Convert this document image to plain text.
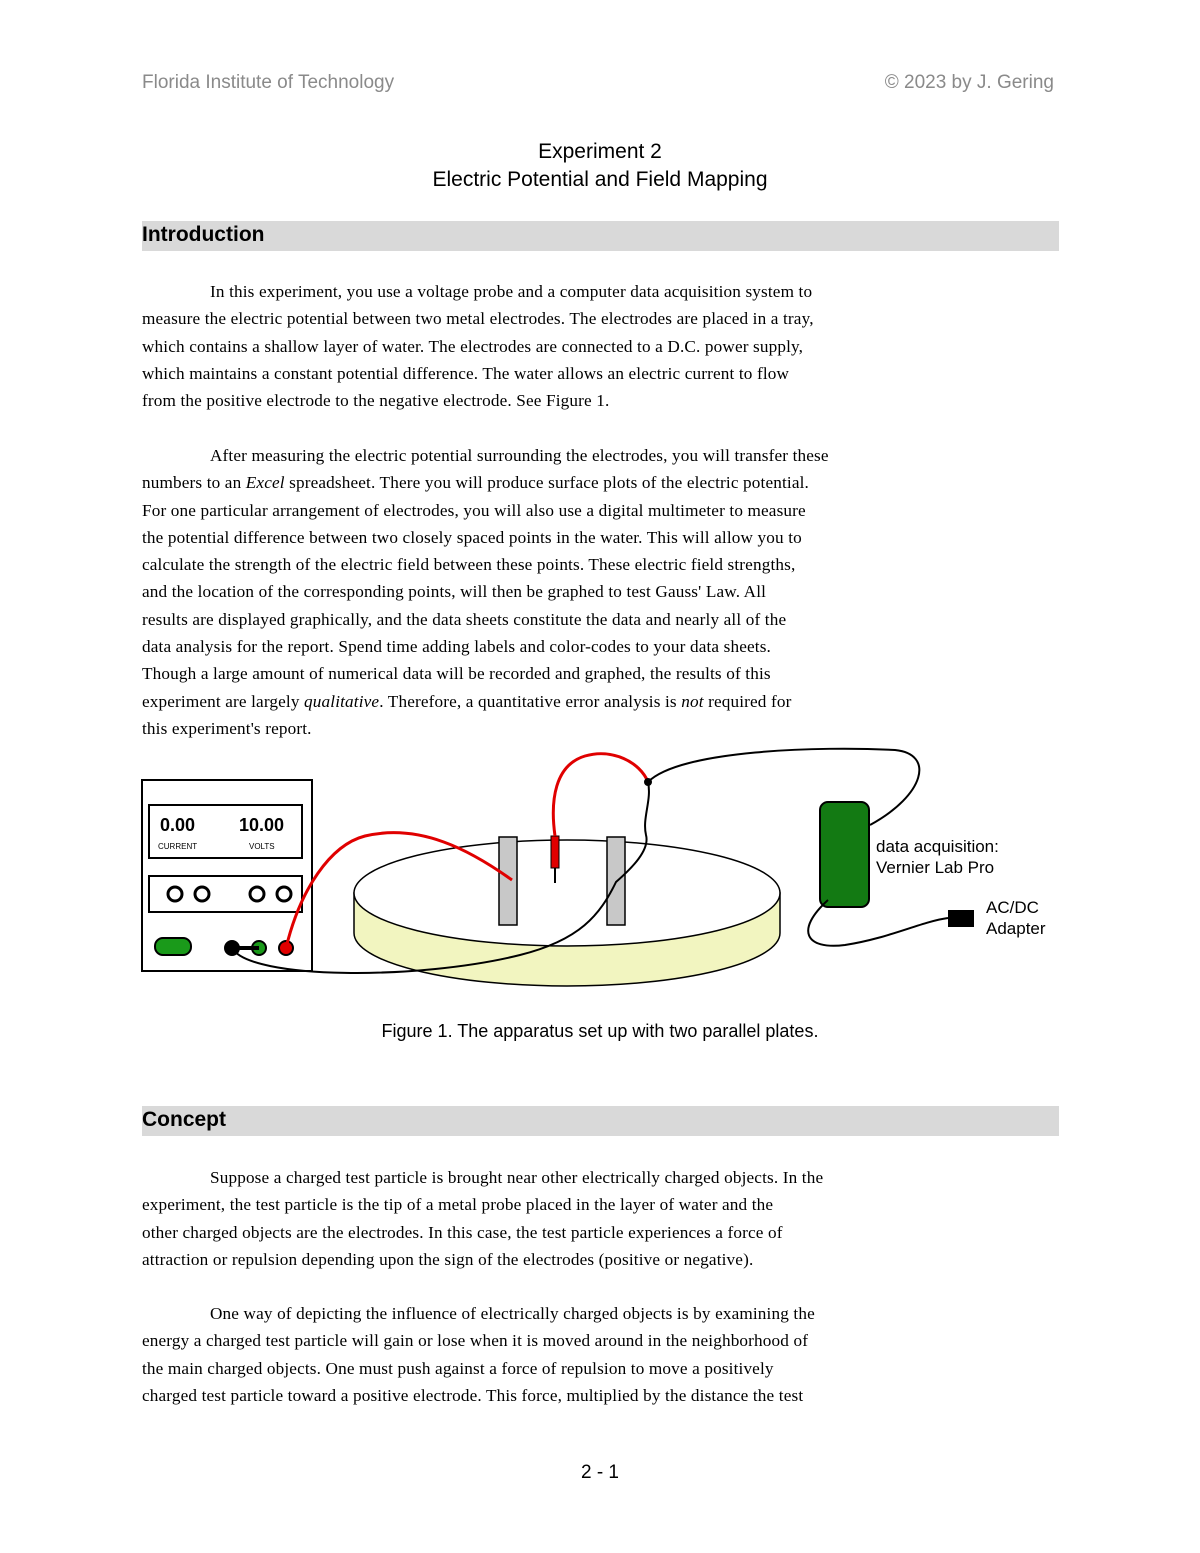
Florida Institute of Technology	© 2023 by J. Gering
Experiment 2
Electric Potential and Field Mapping
Introduction
In this experiment, you use a voltage probe and a computer data acquisition system to
measure the electric potential between two metal electrodes. The electrodes are placed in a tray,
which contains a shallow layer of water. The electrodes are connected to a D.C. power supply,
which maintains a constant potential difference. The water allows an electric current to flow
from the positive electrode to the negative electrode. See Figure 1.
After measuring the electric potential surrounding the electrodes, you will transfer these
numbers to an Excel spreadsheet. There you will produce surface plots of the electric potential.
For one particular arrangement of electrodes, you will also use a digital multimeter to measure
the potential difference between two closely spaced points in the water. This will allow you to
calculate the strength of the electric field between these points. These electric field strengths,
and the location of the corresponding points, will then be graphed to test Gauss' Law. All
results are displayed graphically, and the data sheets constitute the data and nearly all of the
data analysis for the report. Spend time adding labels and color-codes to your data sheets.
Though a large amount of numerical data will be recorded and graphed, the results of this
experiment are largely qualitative. Therefore, a quantitative error analysis is not required for
this experiment's report.
0.00 10.00
CURRENT	VOLTS	data acquisition:
Vernier Lab Pro
AC/DC
Adapter
Figure 1. The apparatus set up with two parallel plates.
Concept
Suppose a charged test particle is brought near other electrically charged objects. In the
experiment, the test particle is the tip of a metal probe placed in the layer of water and the
other charged objects are the electrodes. In this case, the test particle experiences a force of
attraction or repulsion depending upon the sign of the electrodes (positive or negative).
One way of depicting the influence of electrically charged objects is by examining the
energy a charged test particle will gain or lose when it is moved around in the neighborhood of
the main charged objects. One must push against a force of repulsion to move a positively
charged test particle toward a positive electrode. This force, multiplied by the distance the test
2 - 1
